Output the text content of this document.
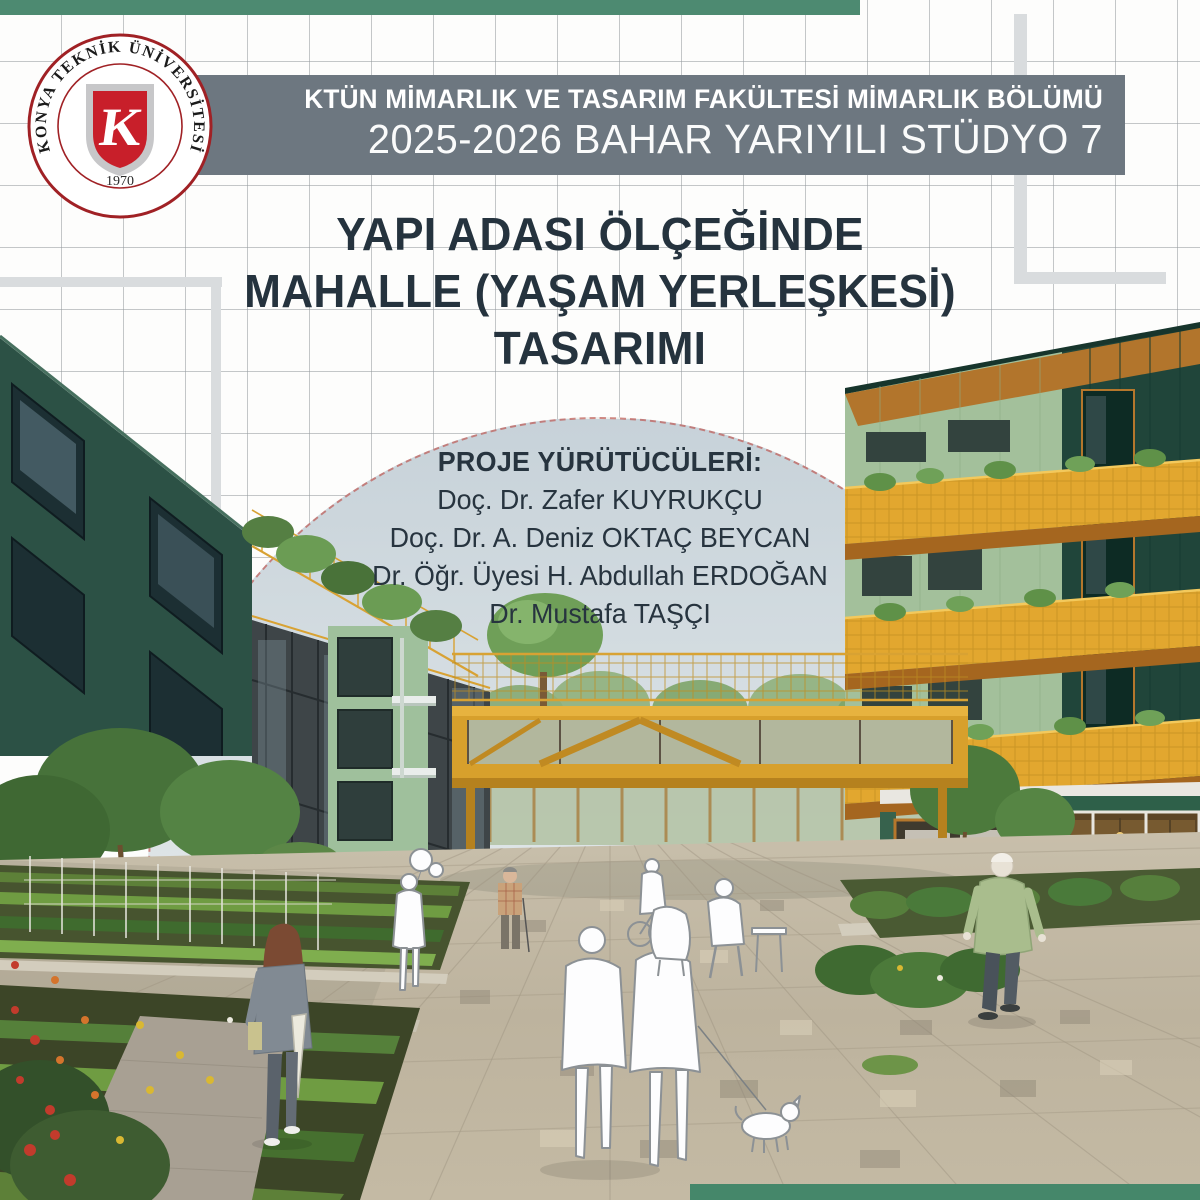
KTÜN MİMARLIK VE TASARIM FAKÜLTESİ MİMARLIK BÖLÜMÜ
2025-2026 BAHAR YARIYILI STÜDYO 7
KONYA TEKNİK ÜNİVERSİTESİ
K
1970
YAPI ADASI ÖLÇEĞİNDE
MAHALLE (YAŞAM YERLEŞKESİ)
TASARIMI
PROJE YÜRÜTÜCÜLERİ:
Doç. Dr. Zafer KUYRUKÇU
Doç. Dr. A. Deniz OKTAÇ BEYCAN
Dr. Öğr. Üyesi H. Abdullah ERDOĞAN
Dr. Mustafa TAŞÇI
